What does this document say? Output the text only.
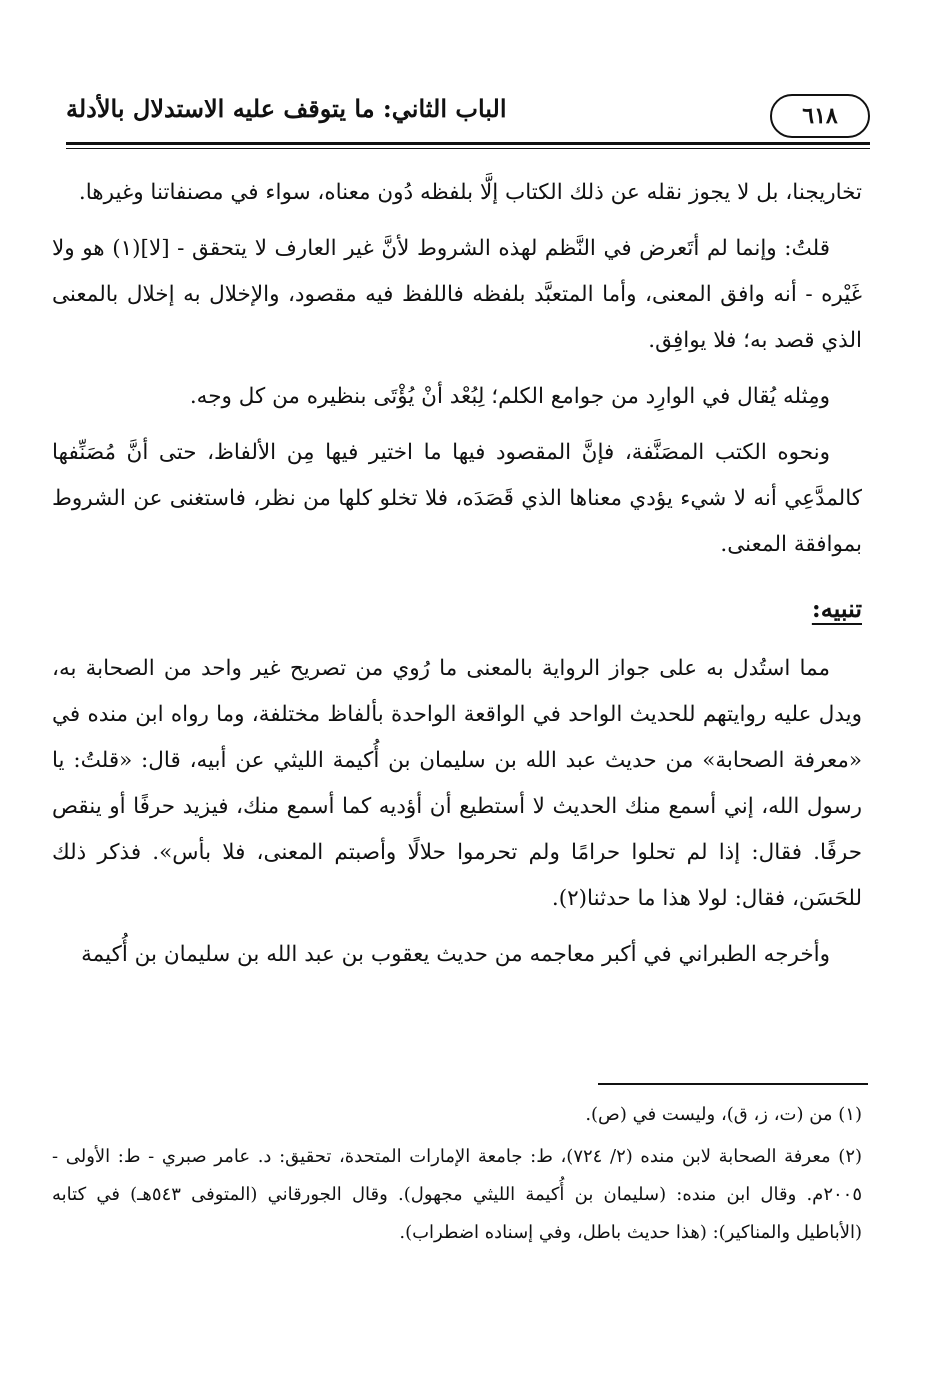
٦١٨
الباب الثاني: ما يتوقف عليه الاستدلال بالأدلة

تخاريجنا، بل لا يجوز نقله عن ذلك الكتاب إلَّا بلفظه دُون معناه، سواء في مصنفاتنا وغيرها.

قلتُ: وإنما لم أتَعرض في النَّظم لهذه الشروط لأنَّ غير العارف لا يتحقق - [لا](١) هو ولا غَيْره - أنه وافق المعنى، وأما المتعبَّد بلفظه فاللفظ فيه مقصود، والإخلال به إخلال بالمعنى الذي قصد به؛ فلا يوافِق.

ومِثله يُقال في الوارِد من جوامع الكلم؛ لِبُعْد أنْ يُؤْتَى بنظيره من كل وجه.

ونحوه الكتب المصَنَّفة، فإنَّ المقصود فيها ما اختير فيها مِن الألفاظ، حتى أنَّ مُصَنِّفها كالمدَّعِي أنه لا شيء يؤدي معناها الذي قَصَدَه، فلا تخلو كلها من نظر، فاستغنى عن الشروط بموافقة المعنى.

تنبيه:

مما استُدل به على جواز الرواية بالمعنى ما رُوي من تصريح غير واحد من الصحابة به، ويدل عليه روايتهم للحديث الواحد في الواقعة الواحدة بألفاظ مختلفة، وما رواه ابن منده في «معرفة الصحابة» من حديث عبد الله بن سليمان بن أُكيمة الليثي عن أبيه، قال: «قلتُ: يا رسول الله، إني أسمع منك الحديث لا أستطيع أن أؤديه كما أسمع منك، فيزيد حرفًا أو ينقص حرفًا. فقال: إذا لم تحلوا حرامًا ولم تحرموا حلالًا وأصبتم المعنى، فلا بأس». فذكر ذلك للحَسَن، فقال: لولا هذا ما حدثنا(٢).

وأخرجه الطبراني في أكبر معاجمه من حديث يعقوب بن عبد الله بن سليمان بن أُكيمة

(١) من (ت، ز، ق)، وليست في (ص).

(٢) معرفة الصحابة لابن منده (٢/ ٧٢٤)، ط: جامعة الإمارات المتحدة، تحقيق: د. عامر صبري - ط: الأولى - ٢٠٠٥م. وقال ابن منده: (سليمان بن أُكيمة الليثي مجهول). وقال الجورقاني (المتوفى ٥٤٣هـ) في كتابه (الأباطيل والمناكير): (هذا حديث باطل، وفي إسناده اضطراب).
